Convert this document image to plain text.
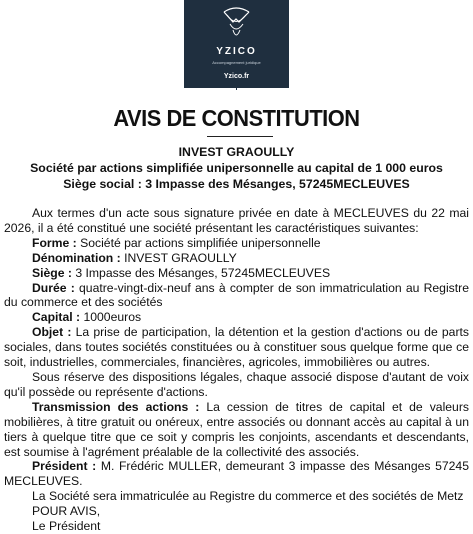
YZICO
Accompagnement juridique
Yzico.fr
AVIS DE CONSTITUTION
INVEST GRAOULLY
Société par actions simplifiée unipersonnelle au capital de 1 000 euros
Siège social : 3 Impasse des Mésanges, 57245MECLEUVES

Aux termes d'un acte sous signature privée en date à MECLEUVES du 22 mai 2026, il a été constitué une société présentant les caractéristiques suivantes:

Forme : Société par actions simplifiée unipersonnelle

Dénomination : INVEST GRAOULLY

Siège : 3 Impasse des Mésanges, 57245MECLEUVES

Durée : quatre-vingt-dix-neuf ans à compter de son immatriculation au Registre du commerce et des sociétés

Capital : 1000euros

Objet : La prise de participation, la détention et la gestion d'actions ou de parts sociales, dans toutes sociétés constituées ou à constituer sous quelque forme que ce soit, industrielles, commerciales, financières, agricoles, immobilières ou autres.

Sous réserve des dispositions légales, chaque associé dispose d'autant de voix qu'il possède ou représente d'actions.

Transmission des actions : La cession de titres de capital et de valeurs mobilières, à titre gratuit ou onéreux, entre associés ou donnant accès au capital à un tiers à quelque titre que ce soit y compris les conjoints, ascendants et descendants, est soumise à l'agrément préalable de la collectivité des associés.

Président : M. Frédéric MULLER, demeurant 3 impasse des Mésanges 57245 MECLEUVES.

La Société sera immatriculée au Registre du commerce et des sociétés de Metz

POUR AVIS,

Le Président
